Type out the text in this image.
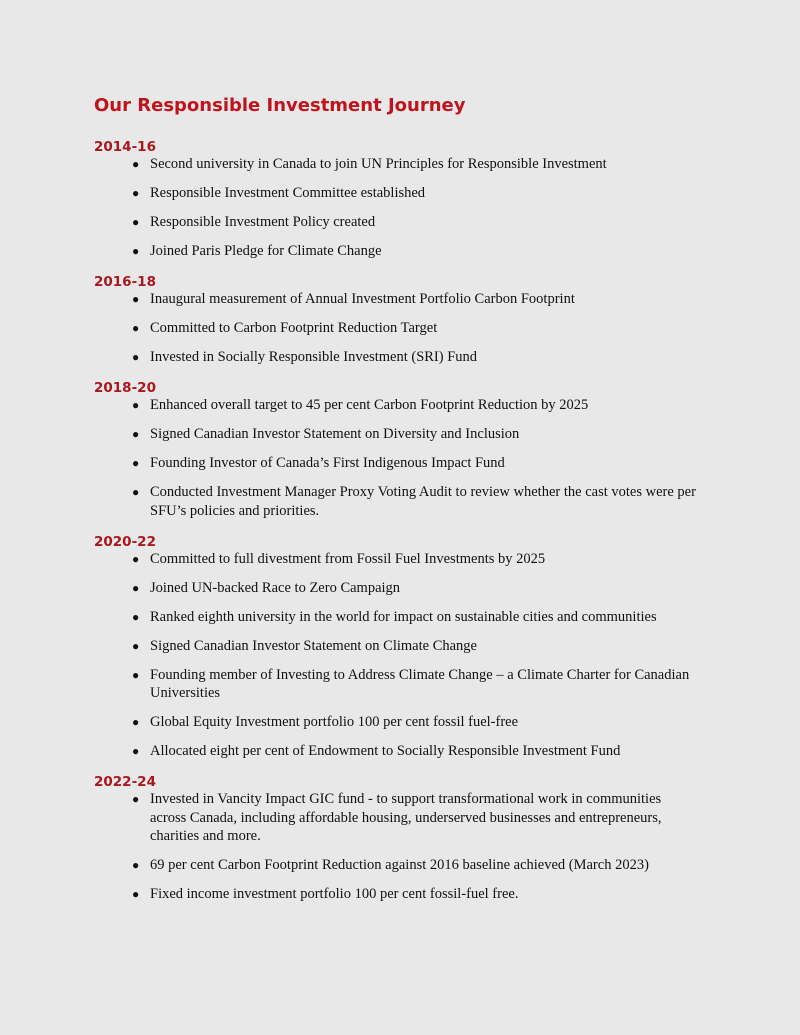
Our Responsible Investment Journey
2014-16
● Second university in Canada to join UN Principles for Responsible Investment
● Responsible Investment Committee established
● Responsible Investment Policy created
● Joined Paris Pledge for Climate Change
2016-18
● Inaugural measurement of Annual Investment Portfolio Carbon Footprint
● Committed to Carbon Footprint Reduction Target
● Invested in Socially Responsible Investment (SRI) Fund
2018-20
● Enhanced overall target to 45 per cent Carbon Footprint Reduction by 2025
● Signed Canadian Investor Statement on Diversity and Inclusion
● Founding Investor of Canada’s First Indigenous Impact Fund
● Conducted Investment Manager Proxy Voting Audit to review whether the cast votes were per SFU’s policies and priorities.
2020-22
● Committed to full divestment from Fossil Fuel Investments by 2025
● Joined UN-backed Race to Zero Campaign
● Ranked eighth university in the world for impact on sustainable cities and communities
● Signed Canadian Investor Statement on Climate Change
● Founding member of Investing to Address Climate Change – a Climate Charter for Canadian Universities
● Global Equity Investment portfolio 100 per cent fossil fuel-free
● Allocated eight per cent of Endowment to Socially Responsible Investment Fund
2022-24
● Invested in Vancity Impact GIC fund - to support transformational work in communities across Canada, including affordable housing, underserved businesses and entrepreneurs, charities and more.
● 69 per cent Carbon Footprint Reduction against 2016 baseline achieved (March 2023)
● Fixed income investment portfolio 100 per cent fossil-fuel free.
